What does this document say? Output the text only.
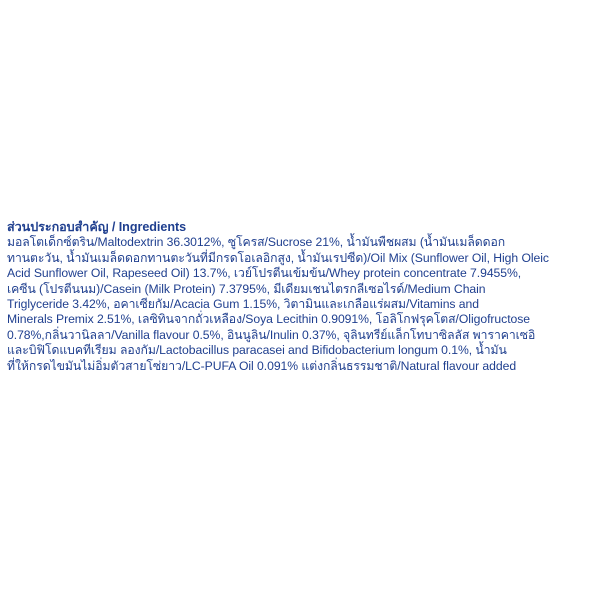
ส่วนประกอบสำคัญ / Ingredients
มอลโตเด็กซ์ตริน/Maltodextrin 36.3012%, ซูโครส/Sucrose 21%, น้ำมันพืชผสม (น้ำมันเมล็ดดอก
ทานตะวัน, น้ำมันเมล็ดดอกทานตะวันที่มีกรดโอเลอิกสูง, น้ำมันเรปซีด)/Oil Mix (Sunflower Oil, High Oleic
Acid Sunflower Oil, Rapeseed Oil) 13.7%, เวย์โปรตีนเข้มข้น/Whey protein concentrate 7.9455%,
เคซีน (โปรตีนนม)/Casein (Milk Protein) 7.3795%, มีเดียมเชนไตรกลีเซอไรด์/Medium Chain
Triglyceride 3.42%, อคาเซียกัม/Acacia Gum 1.15%, วิตามินและเกลือแร่ผสม/Vitamins and
Minerals Premix 2.51%, เลซิทินจากถั่วเหลือง/Soya Lecithin 0.9091%, โอลิโกฟรุคโตส/Oligofructose
0.78%,กลิ่นวานิลลา/Vanilla flavour 0.5%, อินนูลิน/Inulin 0.37%, จุลินทรีย์แล็กโทบาซิลลัส พาราคาเซอิ
และบิฟิโดแบคทีเรียม ลองกัม/Lactobacillus paracasei and Bifidobacterium longum 0.1%, น้ำมัน
ที่ให้กรดไขมันไม่อิ่มตัวสายโซ่ยาว/LC-PUFA Oil 0.091% แต่งกลิ่นธรรมชาติ/Natural flavour added
